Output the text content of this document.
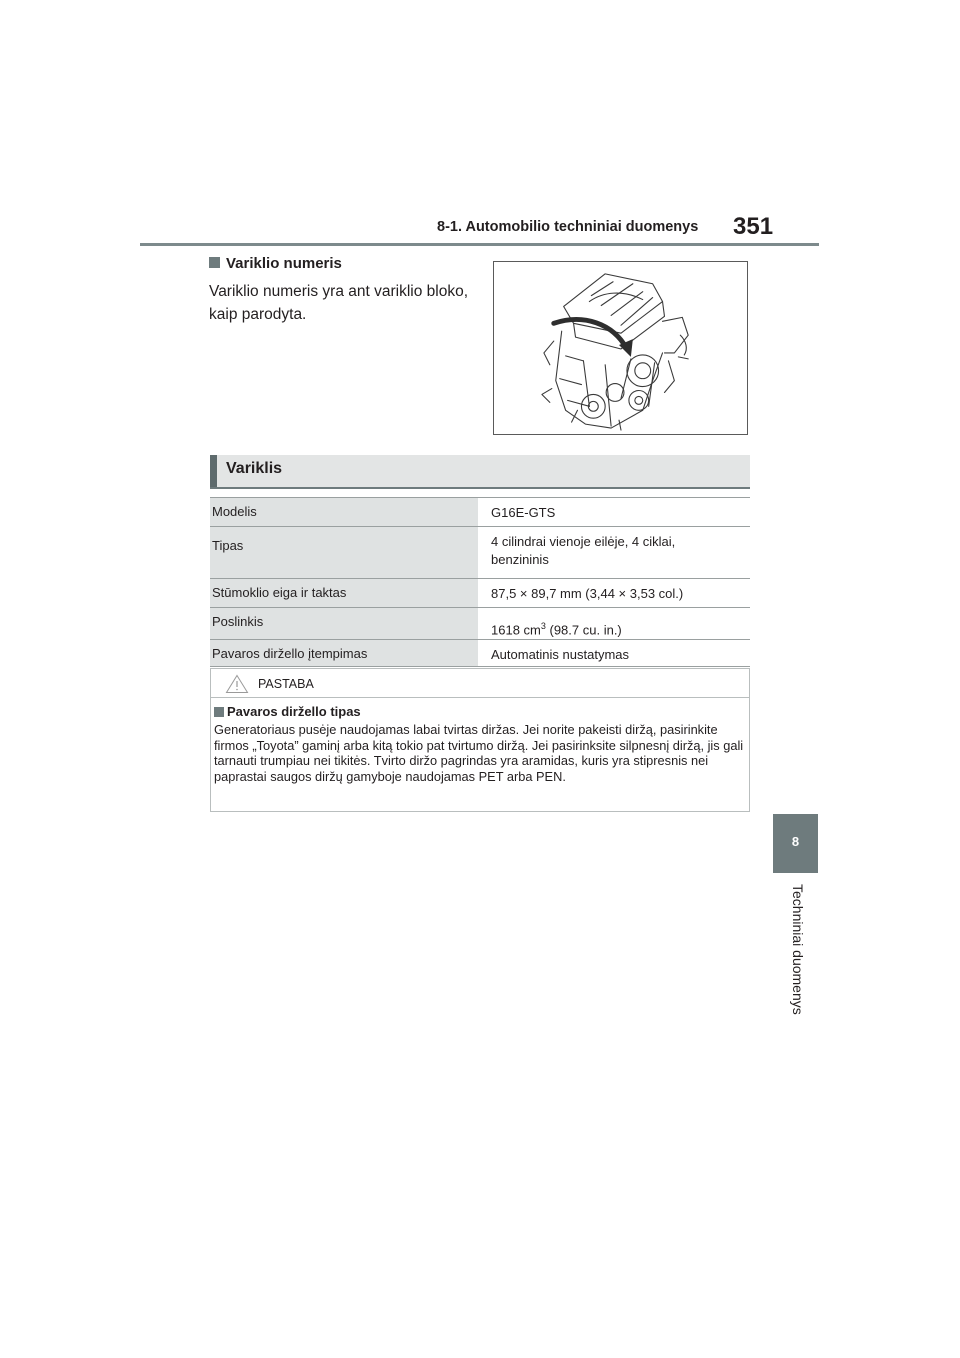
8-1. Automobilio techniniai duomenys 351
8
Techniniai duomenys
Variklio numeris
Variklio numeris yra ant variklio bloko, kaip parodyta.
Variklis
Modelis	G16E-GTS
Tipas	4 cilindrai vienoje eilėje, 4 ciklai,
benzininis
Stūmoklio eiga ir taktas	87,5 × 89,7 mm (3,44 × 3,53 col.)
Poslinkis	1618 $cm^3$ (98.7 cu. in.)
Pavaros diržello įtempimas	Automatinis nustatymas
PASTABA
Pavaros diržello tipas
Generatoriaus pusėje naudojamas labai tvirtas diržas. Jei norite pakeisti diržą, pasirinkite firmos „Toyota” gaminį arba kitą tokio pat tvirtumo diržą. Jei pasirinksite silpnesnį diržą, jis gali tarnauti trumpiau nei tikitės. Tvirto diržo pagrindas yra aramidas, kuris yra stipresnis nei paprastai saugos diržų gamyboje naudojamas PET arba PEN.
